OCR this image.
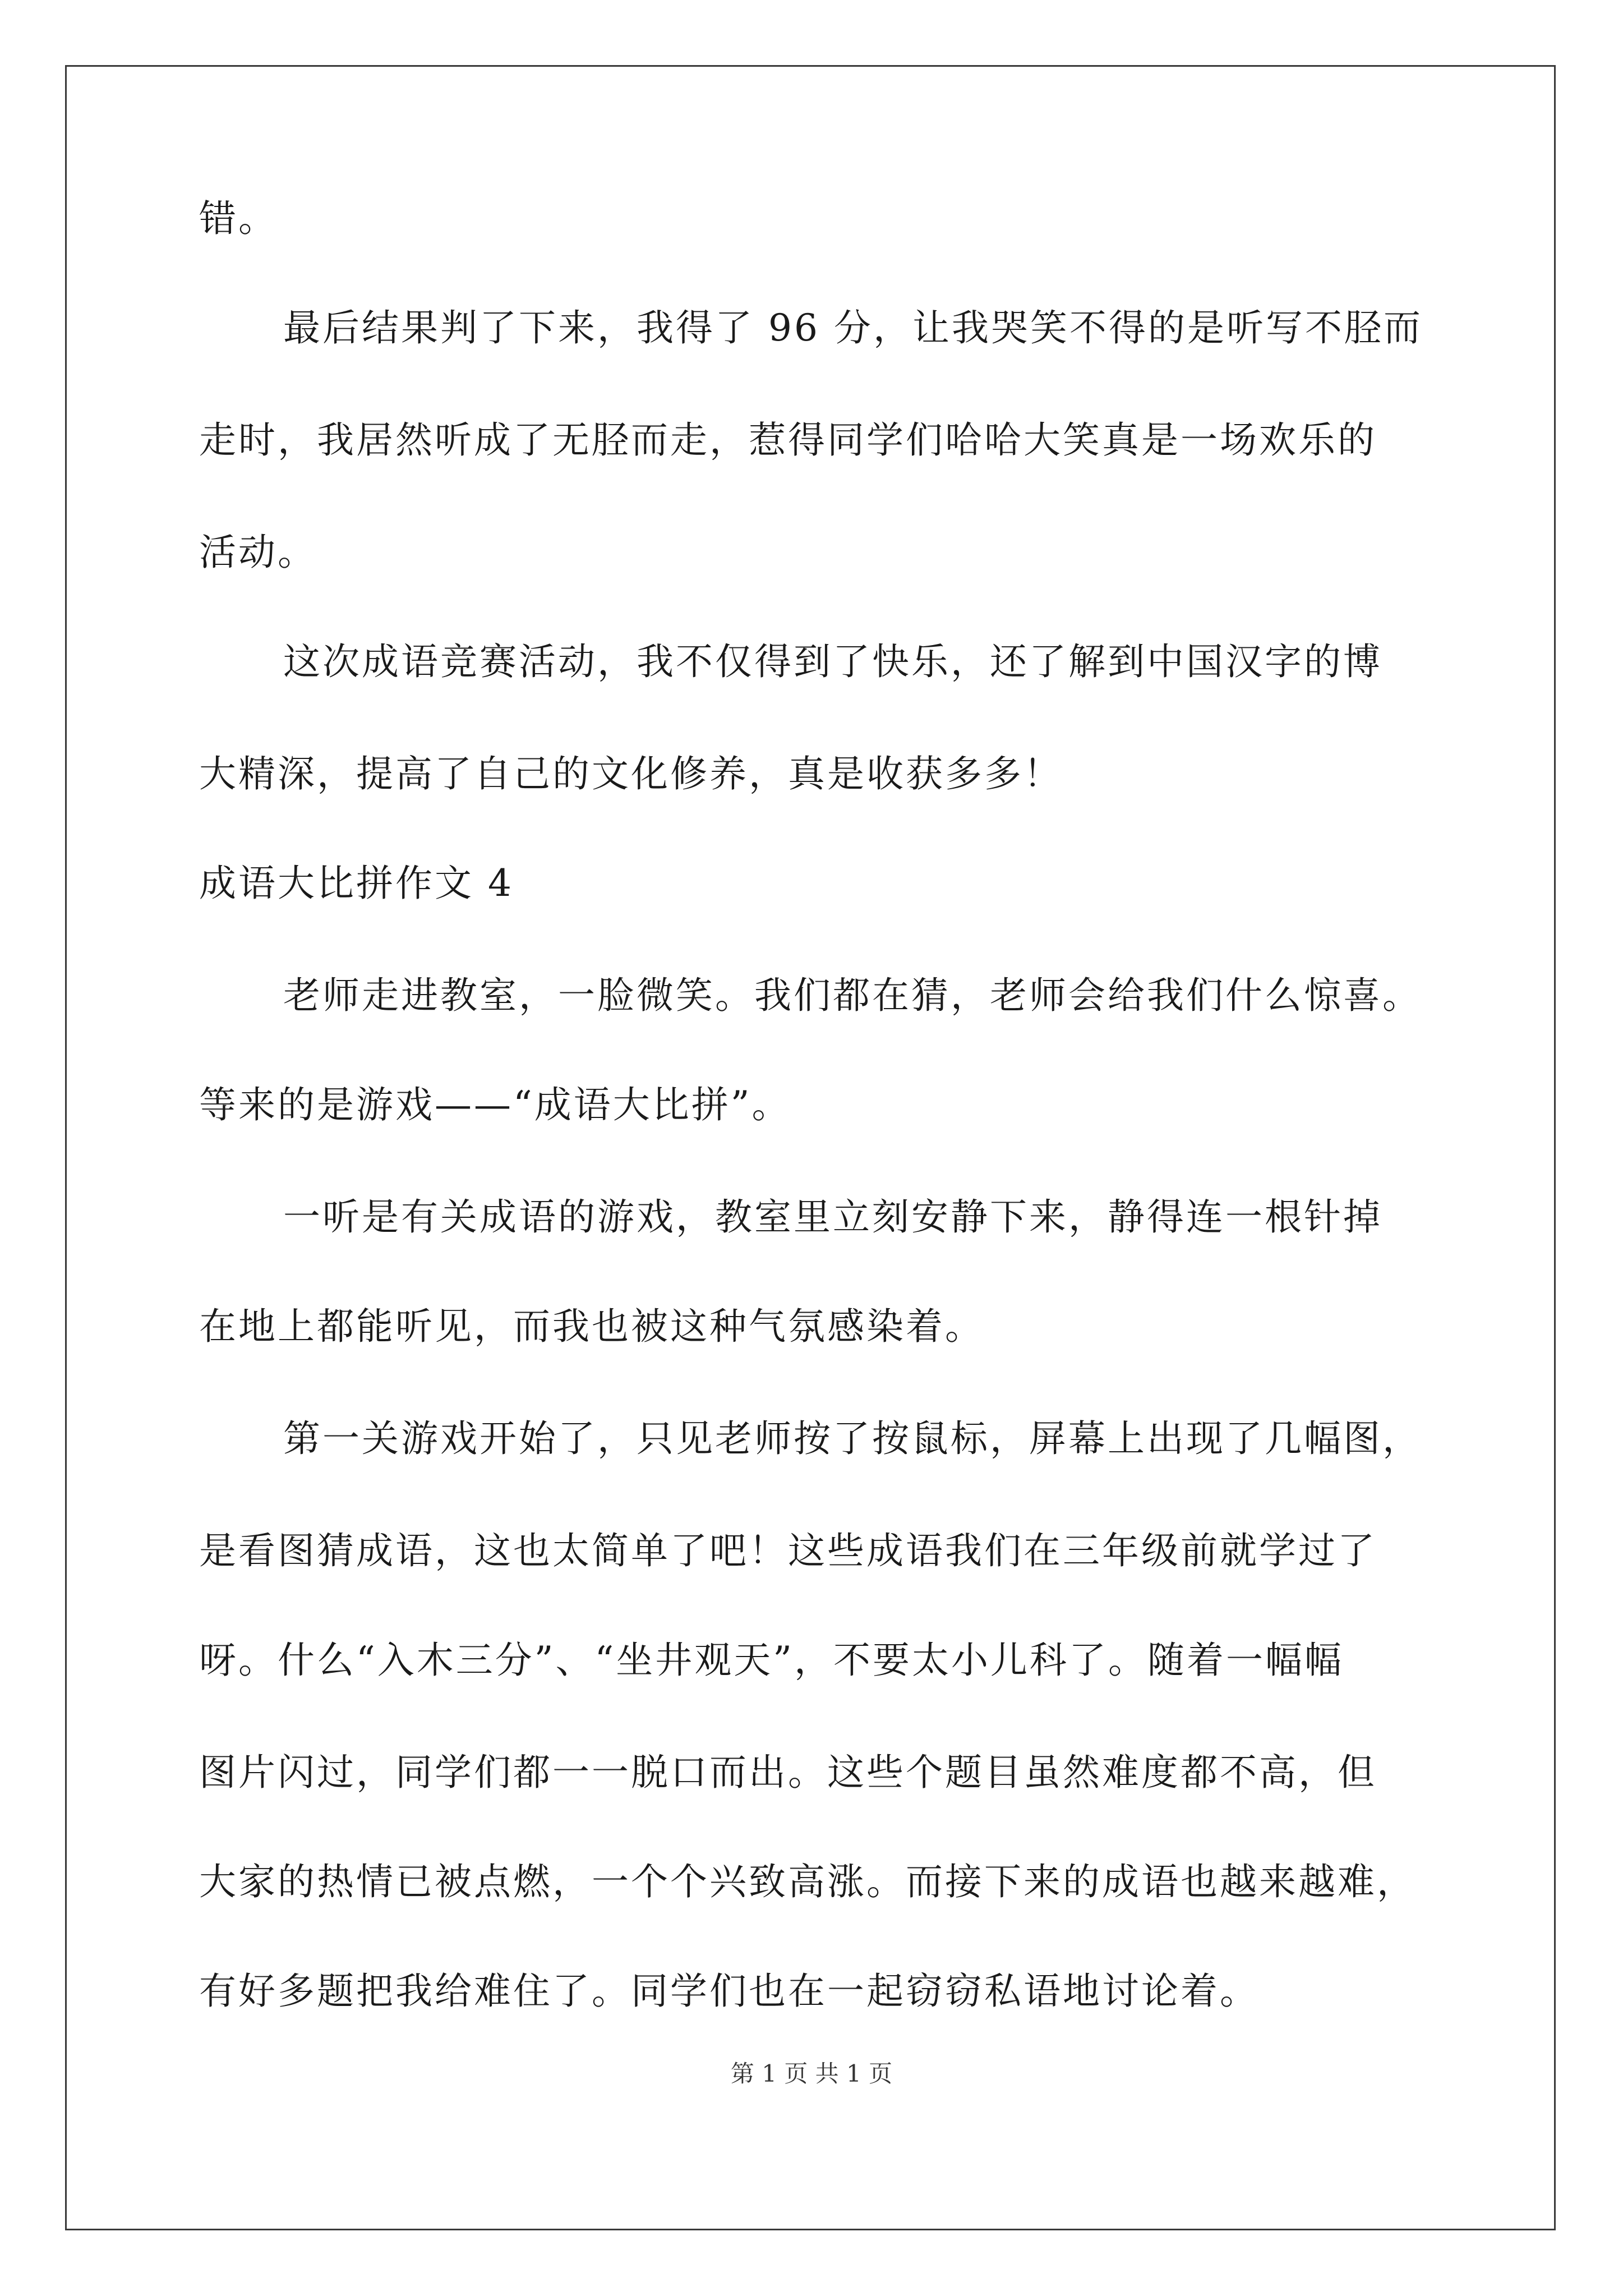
错。
最后结果判了下来，我得了 96 分，让我哭笑不得的是听写不胫而
走时，我居然听成了无胫而走，惹得同学们哈哈大笑真是一场欢乐的
活动。
这次成语竞赛活动，我不仅得到了快乐，还了解到中国汉字的博
大精深，提高了自己的文化修养，真是收获多多！
成语大比拼作文 4
老师走进教室，一脸微笑。我们都在猜，老师会给我们什么惊喜。
等来的是游戏——“成语大比拼”。
一听是有关成语的游戏，教室里立刻安静下来，静得连一根针掉
在地上都能听见，而我也被这种气氛感染着。
第一关游戏开始了，只见老师按了按鼠标，屏幕上出现了几幅图，
是看图猜成语，这也太简单了吧！这些成语我们在三年级前就学过了
呀。什么“入木三分”、“坐井观天”，不要太小儿科了。随着一幅幅
图片闪过，同学们都一一脱口而出。这些个题目虽然难度都不高，但
大家的热情已被点燃，一个个兴致高涨。而接下来的成语也越来越难，
有好多题把我给难住了。同学们也在一起窃窃私语地讨论着。
第 1 页 共 1 页
